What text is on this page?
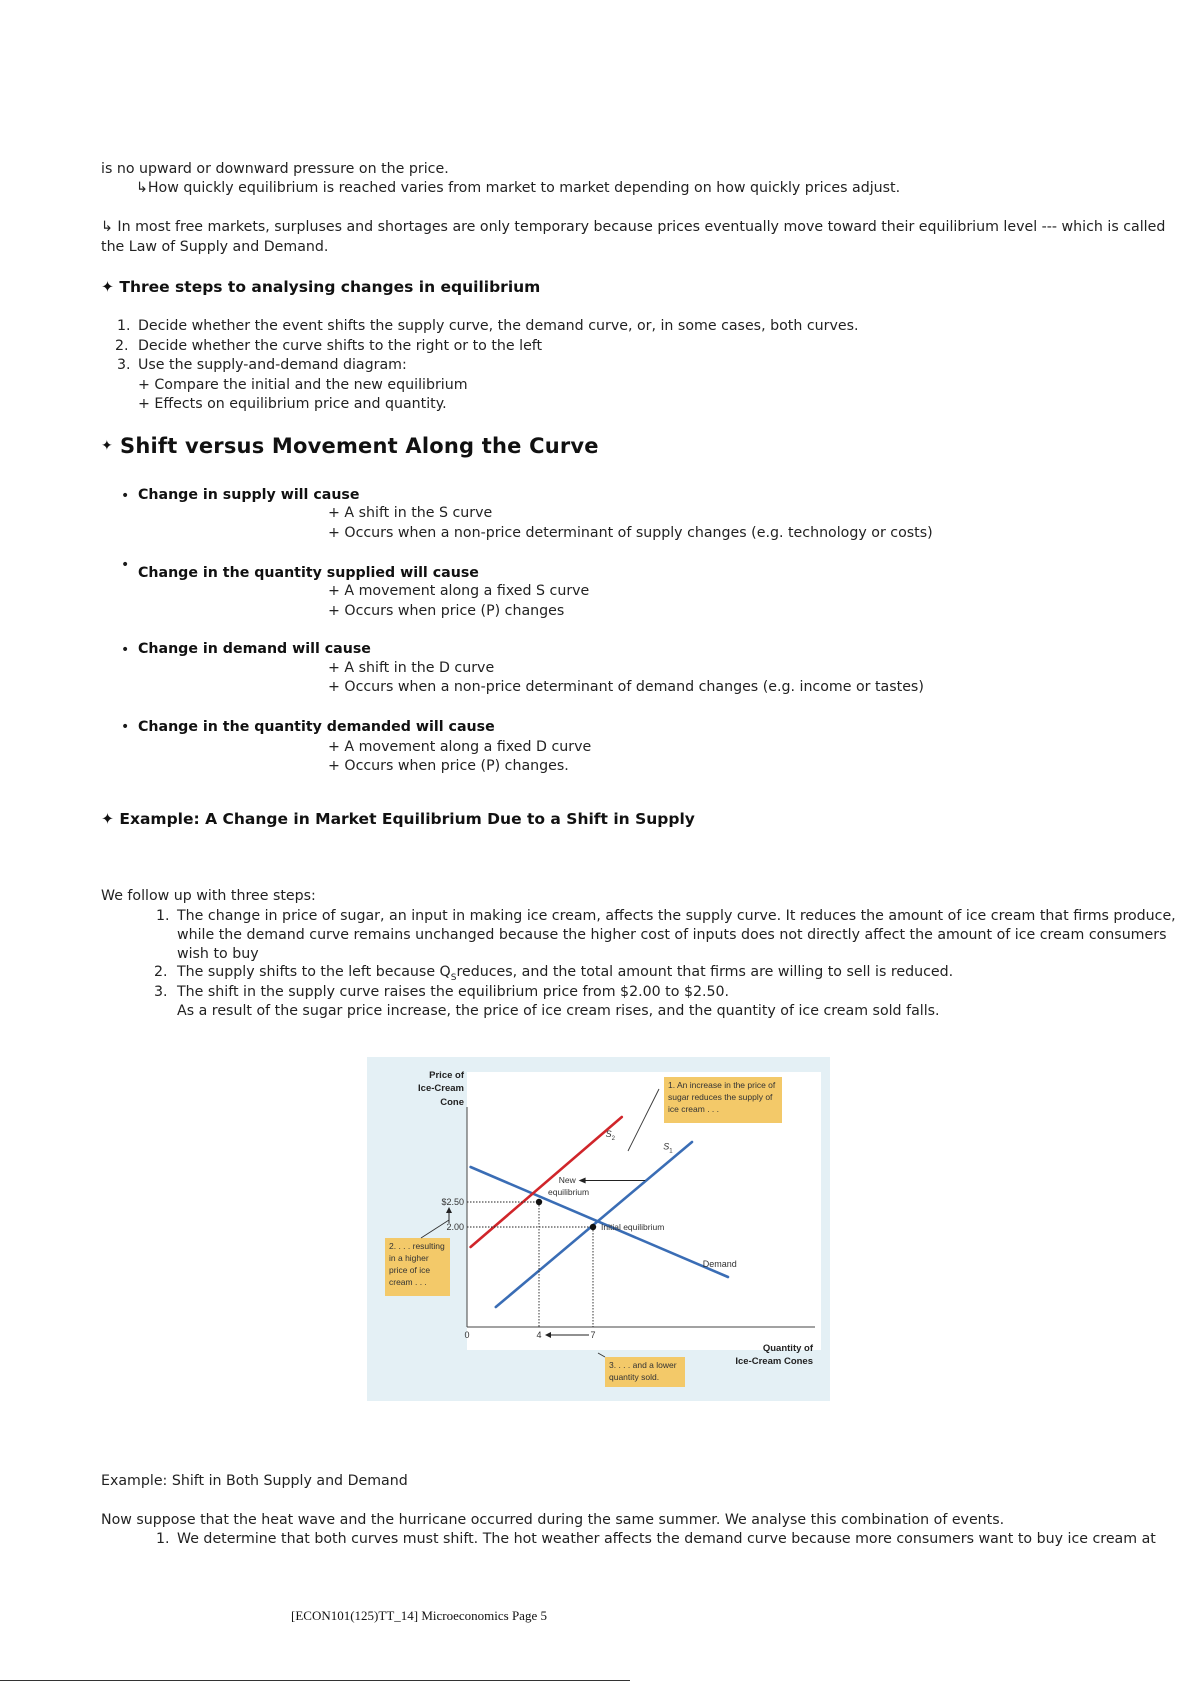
is no upward or downward pressure on the price.
↳How quickly equilibrium is reached varies from market to market depending on how quickly prices adjust.
↳ In most free markets, surpluses and shortages are only temporary because prices eventually move toward their equilibrium level --- which is called
the Law of Supply and Demand.
✦ Three steps to analysing changes in equilibrium
1. Decide whether the event shifts the supply curve, the demand curve, or, in some cases, both curves.
2. Decide whether the curve shifts to the right or to the left
3. Use the supply-and-demand diagram:
+ Compare the initial and the new equilibrium
+ Effects on equilibrium price and quantity.
✦ Shift versus Movement Along the Curve
• Change in supply will cause
+ A shift in the S curve
+ Occurs when a non-price determinant of supply changes (e.g. technology or costs)
• Change in the quantity supplied will cause
+ A movement along a fixed S curve
+ Occurs when price (P) changes
• Change in demand will cause
+ A shift in the D curve
+ Occurs when a non-price determinant of demand changes (e.g. income or tastes)
• Change in the quantity demanded will cause
+ A movement along a fixed D curve
+ Occurs when price (P) changes.
✦ Example: A Change in Market Equilibrium Due to a Shift in Supply
We follow up with three steps:
1. The change in price of sugar, an input in making ice cream, affects the supply curve. It reduces the amount of ice cream that firms produce,
while the demand curve remains unchanged because the higher cost of inputs does not directly affect the amount of ice cream consumers
wish to buy
2. The supply shifts to the left because $Q_Sreduces$, and the total amount that firms are willing to sell is reduced.
3. The shift in the supply curve raises the equilibrium price from $2.00 to $2.50.
As a result of the sugar price increase, the price of ice cream rises, and the quantity of ice cream sold falls.
Price of Ice-Cream Cone
Quantity of Ice-Cream Cones
0
S 2
S 1
Demand
$2.50
2.00
4	7
Initial equilibrium
New
equilibrium
1. An increase in the price of
sugar reduces the supply of
ice cream . . .
2. . . . resulting
in a higher
price of ice
cream . . .
3. . . . and a lower
quantity sold.
Example: Shift in Both Supply and Demand
Now suppose that the heat wave and the hurricane occurred during the same summer. We analyse this combination of events.
1. We determine that both curves must shift. The hot weather affects the demand curve because more consumers want to buy ice cream at
[ECON101(125)TT_14] Microeconomics Page 5
